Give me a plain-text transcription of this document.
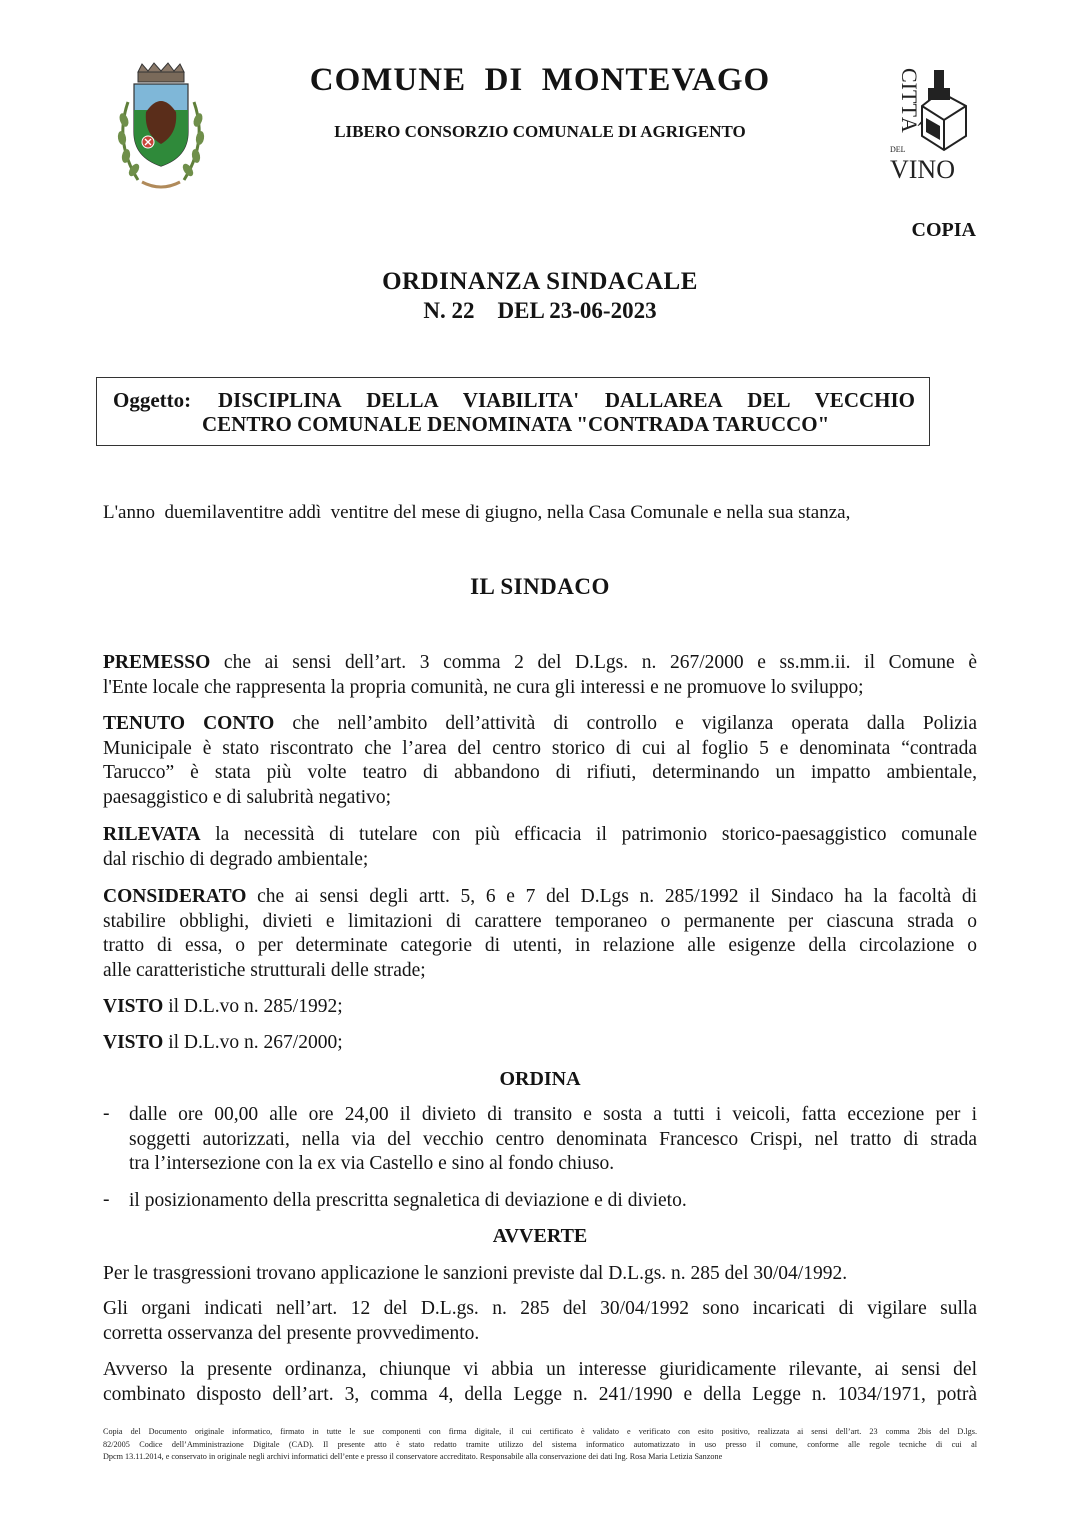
COMUNE  DI  MONTEVAGO
LIBERO CONSORZIO COMUNALE DI AGRIGENTO	CITTÀ
DEL
VINO
COPIA
ORDINANZA SINDACALE
N. 22    DEL 23-06-2023
Oggetto: DISCIPLINA DELLA VIABILITA' DALLAREA DEL VECCHIO
CENTRO COMUNALE DENOMINATA "CONTRADA TARUCCO"
L'anno  duemilaventitre addì  ventitre del mese di giugno, nella Casa Comunale e nella sua stanza,
IL SINDACO
PREMESSO che ai sensi dell’art. 3 comma 2 del D.Lgs. n. 267/2000 e ss.mm.ii. il Comune è
l'Ente locale che rappresenta la propria comunità, ne cura gli interessi e ne promuove lo sviluppo;
TENUTO CONTO che nell’ambito dell’attività di controllo e vigilanza operata dalla Polizia
Municipale è stato riscontrato che l’area del centro storico di cui al foglio 5 e denominata “contrada
Tarucco” è stata più volte teatro di abbandono di rifiuti, determinando un impatto ambientale,
paesaggistico e di salubrità negativo;
RILEVATA la necessità di tutelare con più efficacia il patrimonio storico-paesaggistico comunale
dal rischio di degrado ambientale;
CONSIDERATO che ai sensi degli artt. 5, 6 e 7 del D.Lgs n. 285/1992 il Sindaco ha la facoltà di
stabilire obblighi, divieti e limitazioni di carattere temporaneo o permanente per ciascuna strada o
tratto di essa, o per determinate categorie di utenti, in relazione alle esigenze della circolazione o
alle caratteristiche strutturali delle strade;
VISTO il D.L.vo n. 285/1992;
VISTO il D.L.vo n. 267/2000;
ORDINA
- dalle ore 00,00 alle ore 24,00 il divieto di transito e sosta a tutti i veicoli, fatta eccezione per i
soggetti autorizzati, nella via del vecchio centro denominata Francesco Crispi, nel tratto di strada
tra l’intersezione con la ex via Castello e sino al fondo chiuso.
- il posizionamento della prescritta segnaletica di deviazione e di divieto.
AVVERTE
Per le trasgressioni trovano applicazione le sanzioni previste dal D.L.gs. n. 285 del 30/04/1992.
Gli organi indicati nell’art. 12 del D.L.gs. n. 285 del 30/04/1992 sono incaricati di vigilare sulla
corretta osservanza del presente provvedimento.
Avverso la presente ordinanza, chiunque vi abbia un interesse giuridicamente rilevante, ai sensi del
combinato disposto dell’art. 3, comma 4, della Legge n. 241/1990 e della Legge n. 1034/1971, potrà
Copia del Documento originale informatico, firmato in tutte le sue componenti con firma digitale, il cui certificato è validato e verificato con esito positivo, realizzata ai sensi dell’art. 23 comma 2bis del D.lgs.
82/2005 Codice dell’Amministrazione Digitale (CAD). Il presente atto è stato redatto tramite utilizzo del sistema informatico automatizzato in uso presso il comune, conforme alle regole tecniche di cui al
Dpcm 13.11.2014, e conservato in originale negli archivi informatici dell’ente e presso il conservatore accreditato. Responsabile alla conservazione dei dati Ing. Rosa Maria Letizia Sanzone
